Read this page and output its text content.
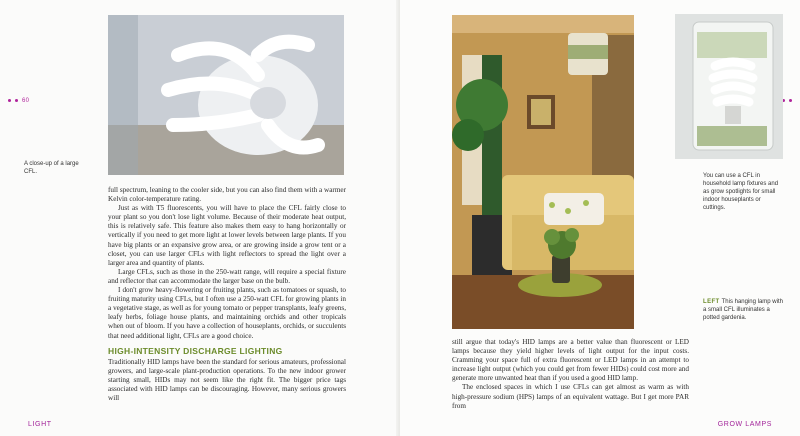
60
A close-up of a large CFL.

full spectrum, leaning to the cooler side, but you can also find them with a warmer Kelvin color-temperature rating.

Just as with T5 fluorescents, you will have to place the CFL fairly close to your plant so you don't lose light volume. Because of their moderate heat output, this is relatively safe. This feature also makes them easy to hang horizontally or vertically if you need to get more light at lower levels between large plants. If you have big plants or an expansive grow area, or are growing inside a grow tent or a closet, you can use larger CFLs with light reflectors to spread the light over a larger area and quantity of plants.

Large CFLs, such as those in the 250-watt range, will require a special fixture and reflector that can accommodate the larger base on the bulb.

I don't grow heavy-flowering or fruiting plants, such as tomatoes or squash, to fruiting maturity using CFLs, but I often use a 250-watt CFL for growing plants in a vegetative stage, as well as for young tomato or pepper transplants, leafy greens, leafy herbs, foliage house plants, and maintaining orchids and other tropicals when out of bloom. If you have a collection of houseplants, orchids, or succulents that need additional light, CFLs are a good choice.

HIGH-INTENSITY DISCHARGE LIGHTING

Traditionally HID lamps have been the standard for serious amateurs, professional growers, and large-scale plant-production operations. To the new indoor grower starting small, HIDs may not seem like the right fit. The bigger price tags associated with HID lamps can be discouraging. However, many serious growers will

LIGHT	GROW LAMPS
You can use a CFL in household lamp fixtures and as grow spotlights for small indoor houseplants or cuttings.
LEFT This hanging lamp with a small CFL illuminates a potted gardenia.

still argue that today's HID lamps are a better value than fluorescent or LED lamps because they yield higher levels of light output for the input costs. Cramming your space full of extra fluorescent or LED lamps in an attempt to increase light output (which you could get from fewer HIDs) could cost more and generate more unwanted heat than if you used a good HID lamp.

The enclosed spaces in which I use CFLs can get almost as warm as with high-pressure sodium (HPS) lamps of an equivalent wattage. But I get more PAR from
